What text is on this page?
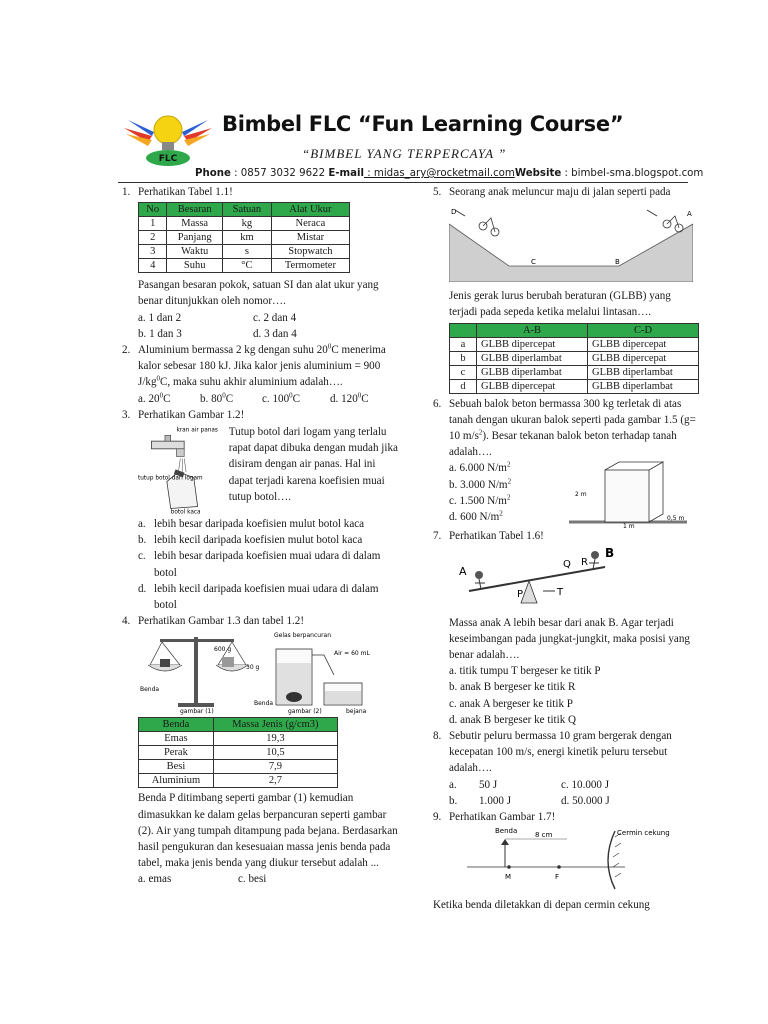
FLC
Bimbel FLC “Fun Learning Course”
“BIMBEL YANG TERPERCAYA ”
Phone : 0857 3032 9622 E-mail : midas_ary@rocketmail.comWebsite : bimbel-sma.blogspot.com
1. Perhatikan Tabel 1.1!

No	Besaran	Satuan	Alat Ukur
1	Massa	kg	Neraca
2	Panjang	km	Mistar
3	Waktu	s	Stopwatch
4	Suhu	°C	Termometer

Pasangan besaran pokok, satuan SI dan alat ukur yang benar ditunjukkan oleh nomor….

a. 1 dan 2	c. 2 dan 4
b. 1 dan 3	d. 3 dan 4
2. Aluminium bermassa 2 kg dengan suhu $20^0C$ menerima kalor sebesar 180 kJ. Jika kalor jenis aluminium = 900 $J/kg^0C$, maka suhu akhir aluminium adalah….

a. $20^0C$	b. $80^0C$	c. $100^0C$	d. $120^0C$
3. Perhatikan Gambar 1.2!

kran air panas
tutup botol dari logam
botol kaca

Tutup botol dari logam yang terlalu rapat dapat dibuka dengan mudah jika disiram dengan air panas. Hal ini dapat terjadi karena koefisien muai tutup botol….

a. lebih besar daripada koefisien mulut botol kaca
b. lebih kecil daripada koefisien mulut botol kaca
c. lebih besar daripada koefisien muai udara di dalam botol
d. lebih kecil daripada koefisien muai udara di dalam botol
4. Perhatikan Gambar 1.3 dan tabel 1.2!

600 g
30 g
Benda
gambar (1)
Gelas berpancuran
Air = 60 mL
Benda
gambar (2)	bejana
Benda	Massa Jenis (g/cm3)
Emas	19,3
Perak	10,5
Besi	7,9
Aluminium	2,7

Benda P ditimbang seperti gambar (1) kemudian dimasukkan ke dalam gelas berpancuran seperti gambar (2). Air yang tumpah ditampung pada bejana. Berdasarkan hasil pengukuran dan kesesuaian massa jenis benda pada tabel, maka jenis benda yang diukur tersebut adalah ...

a. emas	c. besi
5. Seorang anak meluncur maju di jalan seperti pada

D
C	B
A

Jenis gerak lurus berubah beraturan (GLBB) yang terjadi pada sepeda ketika melalui lintasan….

	A-B	C-D
a	GLBB dipercepat	GLBB dipercepat
b	GLBB diperlambat	GLBB dipercepat
c	GLBB diperlambat	GLBB diperlambat
d	GLBB dipercepat	GLBB diperlambat
6. Sebuah balok beton bermassa 300 kg terletak di atas tanah dengan ukuran balok seperti pada gambar 1.5 (g= 10 $m/s^2$). Besar tekanan balok beton terhadap tanah adalah….

a. 6.000 $N/m^2$
b. 3.000 $N/m^2$
c. 1.500 $N/m^2$
d. 600 $N/m^2$
2 m
0,5 m
1 m
7. Perhatikan Tabel 1.6!

A
Q R
B
P	T

Massa anak A lebih besar dari anak B. Agar terjadi keseimbangan pada jungkat-jungkit, maka posisi yang benar adalah….

a. titik tumpu T bergeser ke titik P
b. anak B bergeser ke titik R
c. anak A bergeser ke titik P
d. anak B bergeser ke titik Q
8. Sebutir peluru bermassa 10 gram bergerak dengan kecepatan 100 m/s, energi kinetik peluru tersebut adalah….

a.	50 J	c. 10.000 J
b.	1.000 J	d. 50.000 J
9. Perhatikan Gambar 1.7!

Benda	8 cm	Cermin cekung
M	F

Ketika benda diletakkan di depan cermin cekung
